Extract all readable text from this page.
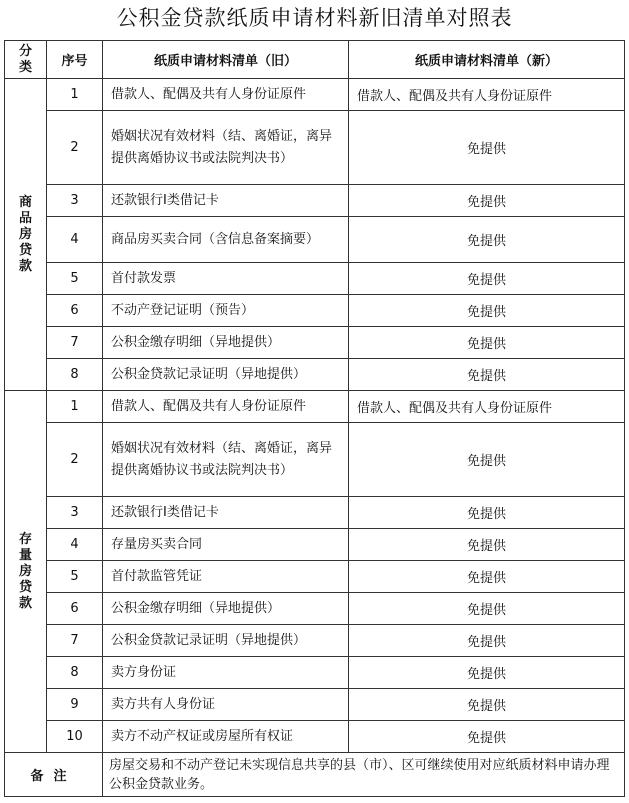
公积金贷款纸质申请材料新旧清单对照表
分类	序号	纸质申请材料清单（旧）	纸质申请材料清单（新）
商品房贷款	1	借款人、配偶及共有人身份证原件	借款人、配偶及共有人身份证原件
	2	婚姻状况有效材料（结、离婚证，离异提供离婚协议书或法院判决书）	免提供
	3	还款银行Ⅰ类借记卡	免提供
	4	商品房买卖合同（含信息备案摘要）	免提供
	5	首付款发票	免提供
	6	不动产登记证明（预告）	免提供
	7	公积金缴存明细（异地提供）	免提供
	8	公积金贷款记录证明（异地提供）	免提供
存量房贷款	1	借款人、配偶及共有人身份证原件	借款人、配偶及共有人身份证原件
	2	婚姻状况有效材料（结、离婚证，离异提供离婚协议书或法院判决书）	免提供
	3	还款银行Ⅰ类借记卡	免提供
	4	存量房买卖合同	免提供
	5	首付款监管凭证	免提供
	6	公积金缴存明细（异地提供）	免提供
	7	公积金贷款记录证明（异地提供）	免提供
	8	卖方身份证	免提供
	9	卖方共有人身份证	免提供
	10	卖方不动产权证或房屋所有权证	免提供
备注		房屋交易和不动产登记未实现信息共享的县（市）、区可继续使用对应纸质材料申请办理公积金贷款业务。	
